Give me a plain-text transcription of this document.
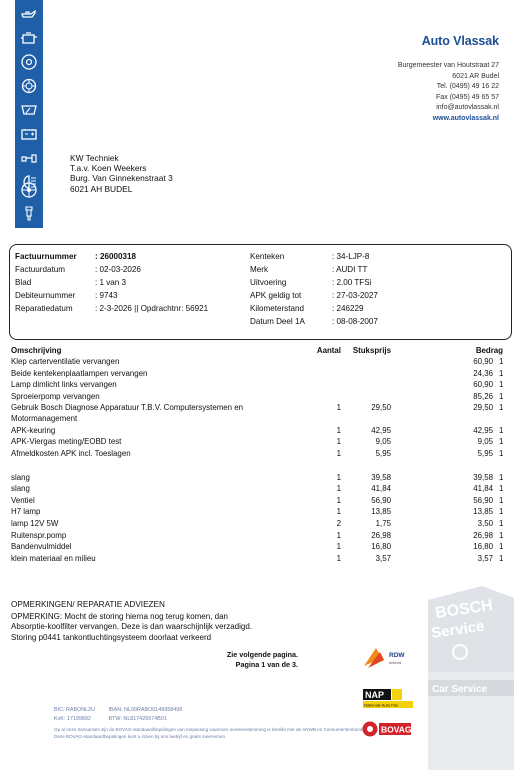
Auto Vlassak
Burgemeester van Houtstraat 27
6021 AR Budel
Tel. (0495) 49 16 22
Fax (0495) 49 65 57
info@autovlassak.nl
www.autovlassak.nl
KW Techniek
T.a.v. Koen Weekers
Burg. Van Ginnekenstraat 3
6021 AH BUDEL
Factuurnummer	: 26000318
Factuurdatum	: 02-03-2026
Blad	: 1 van 3
Debiteurnummer	: 9743
Reparatiedatum	: 2-3-2026 || Opdrachtnr: 56921
Kenteken	: 34-LJP-8
Merk	: AUDI TT
Uitvoering	: 2.00 TFSi
APK geldig tot	: 27-03-2027
Kilometerstand	: 246229
Datum Deel 1A	: 08-08-2007
Omschrijving	Aantal Stuksprijs	Bedrag
Klep carterventilatie vervangen	60,90 1
Beide kentekenplaatlampen vervangen	24,36 1
Lamp dimlicht links vervangen	60,90 1
Sproeierpomp vervangen	85,26 1
Gebruik Bosch Diagnose Apparatuur T.B.V. Computersystemen en Motormanagement
1	29,50	29,50 1
APK-keuring	1	42,95	42,95 1
APK-Viergas meting/EOBD test	1	9,05	9,05 1
Afmeldkosten APK incl. Toeslagen	1	5,95	5,95 1
slang	1	39,58	39,58 1
slang	1	41,84	41,84 1
Ventiel	1	56,90	56,90 1
H7 lamp	1	13,85	13,85 1
lamp 12V 5W	2	1,75	3,50 1
Ruitenspr.pomp	1	26,98	26,98 1
Bandenvulmiddel	1	16,80	16,80 1
klein materiaal en milieu	1	3,57	3,57 1
OPMERKINGEN/ REPARATIE ADVIEZEN
OPMERKING: Mocht de storing hierna nog terug komen, dan
Absorptie-koolfilter vervangen. Deze is dan waarschijnlijk verzadigd.
Storing p0441 tankontluchtingsysteem doorlaat verkeerd
Zie volgende pagina.
Pagina 1 van de 3.
BOSCH
Service
Car Service
RDW
erkend
NAP
Nationale Auto Pas
BOVAG
BIC: RABONL2U
KvK: 17199892

IBAN: NL09RABO0149958498
BTW: NL817426574B01
Op al onze transacties zijn de BOVAG-standaardbepalingen van toepassing waarover overeenstemming is bereikt met de ANWB en Consumentenbond. Deze BOVAG-standaardbepalingen kunt u inzien bij ons bedrijf en gratis meenemen.
